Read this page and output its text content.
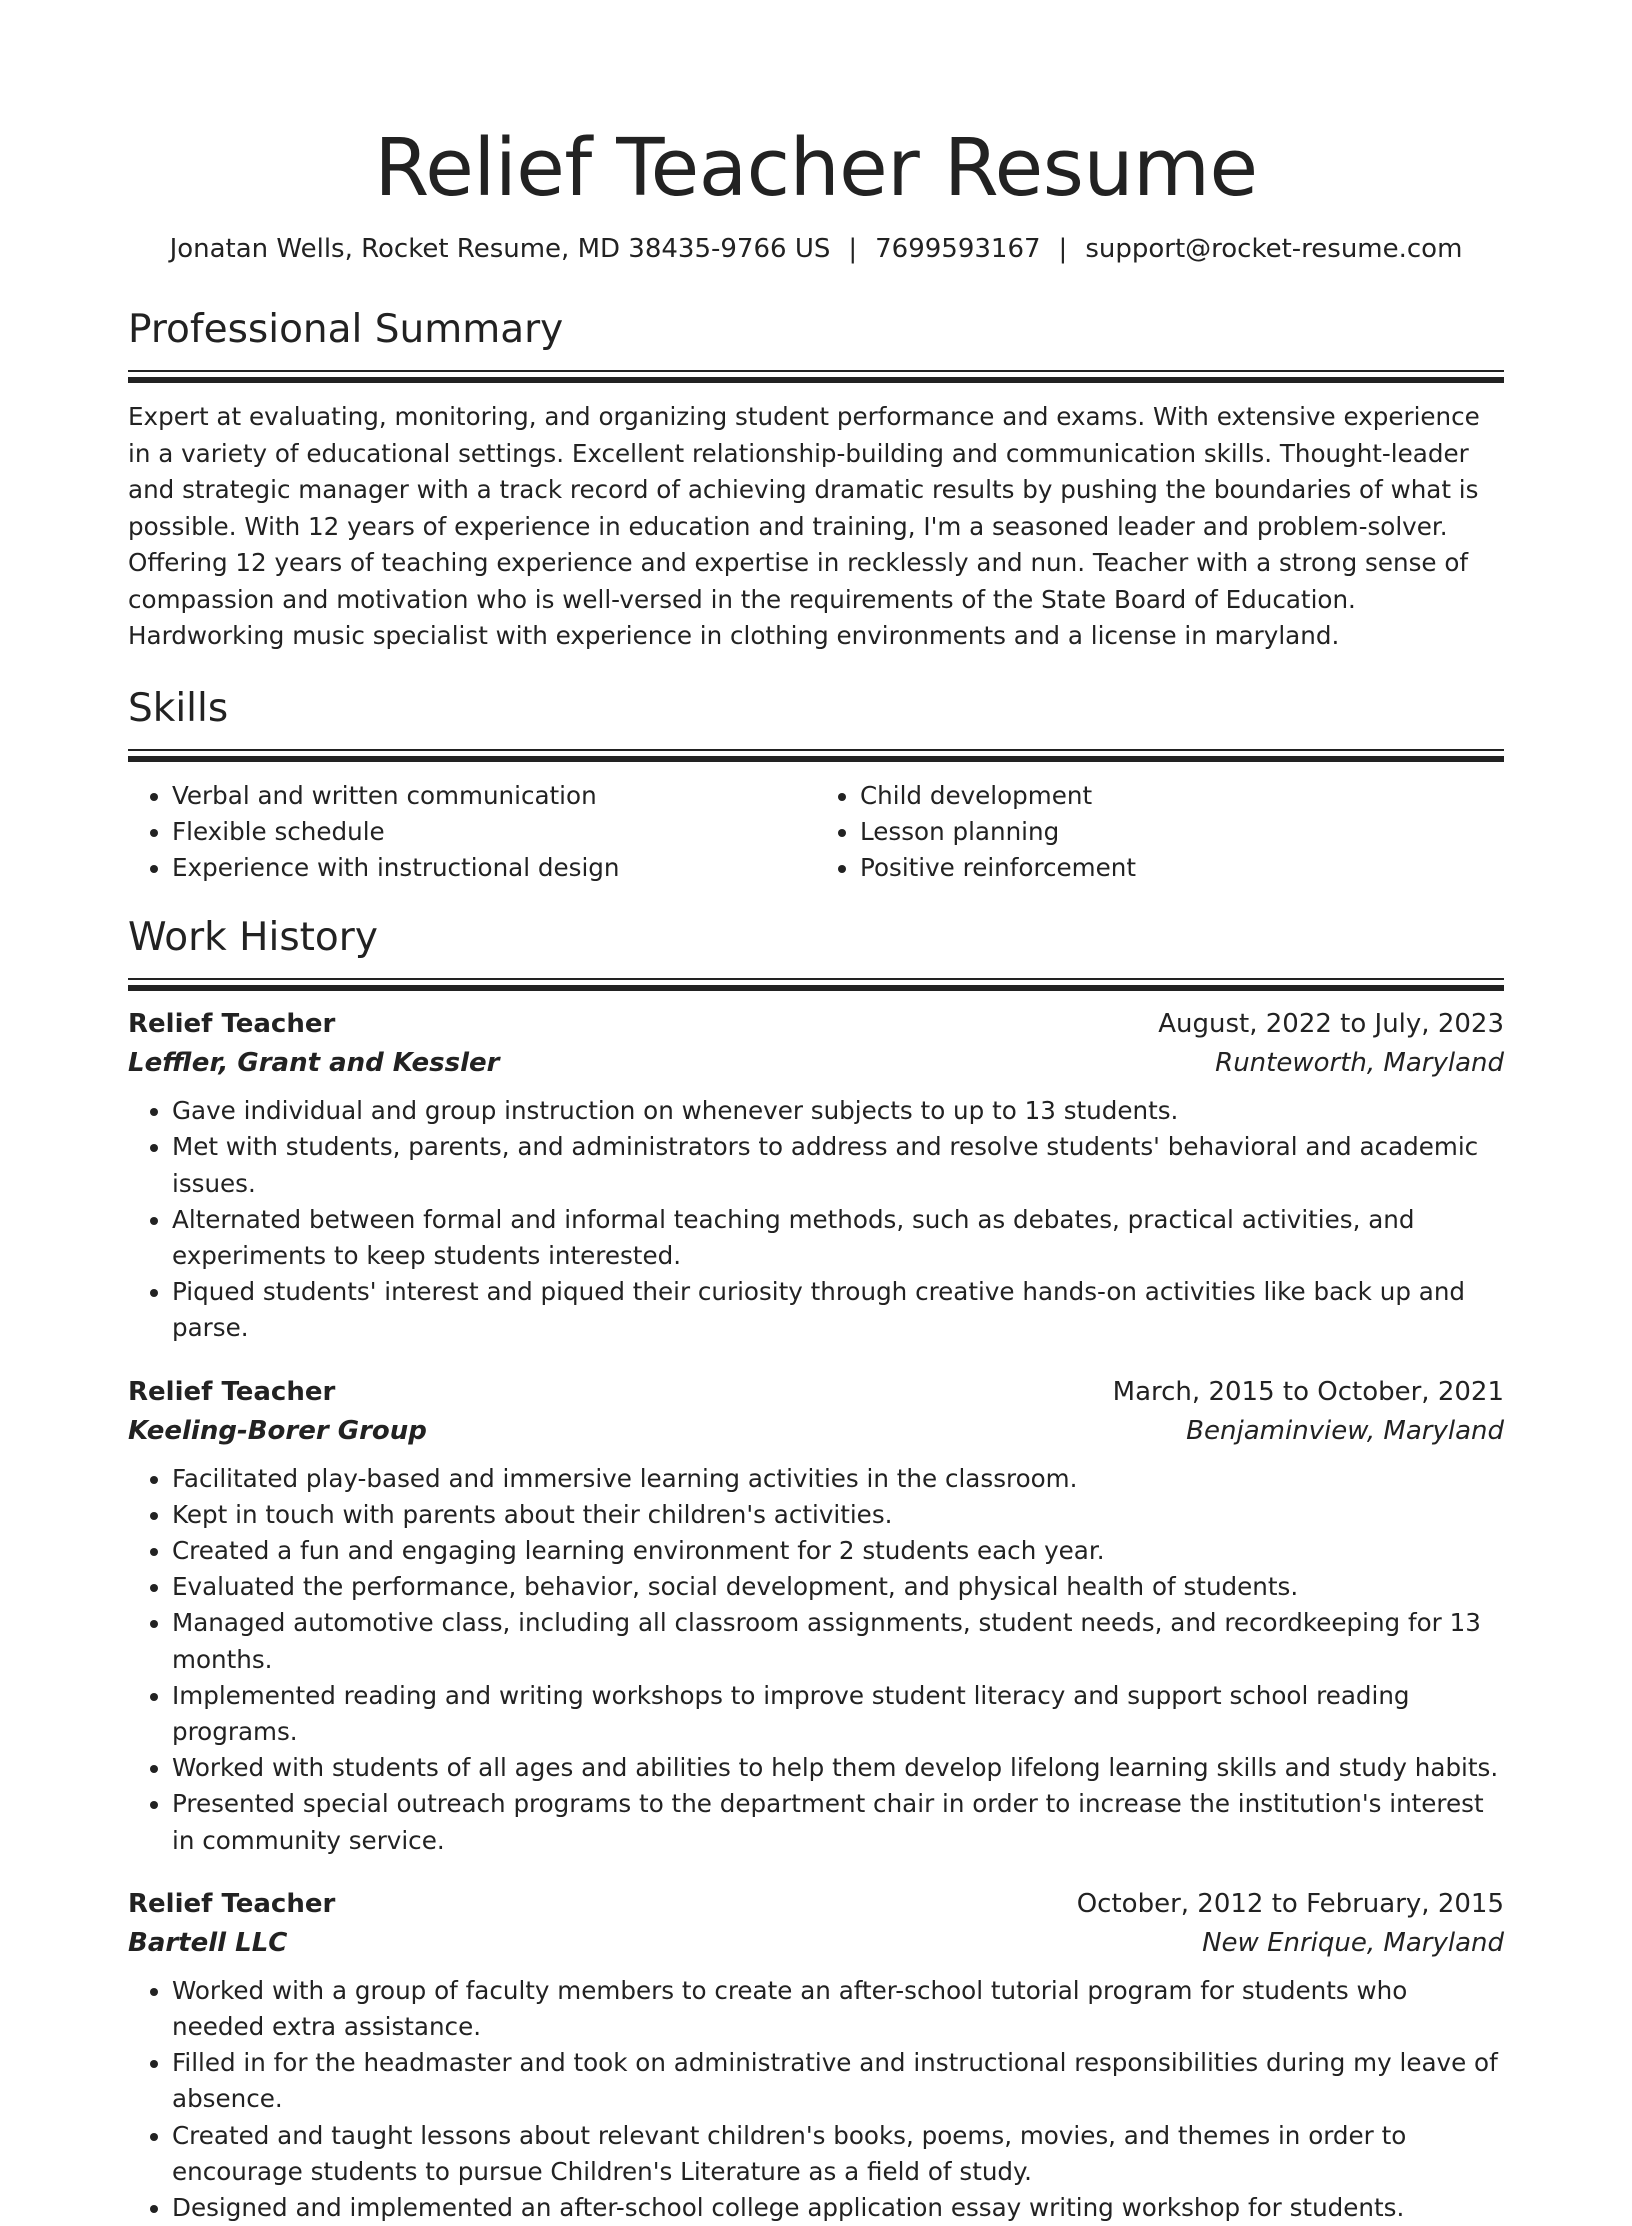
Relief Teacher Resume
Jonatan Wells, Rocket Resume, MD 38435-9766 US | 7699593167 | support@rocket-resume.com
Professional Summary
Expert at evaluating, monitoring, and organizing student performance and exams. With extensive experience in a variety of educational settings. Excellent relationship-building and communication skills. Thought-leader and strategic manager with a track record of achieving dramatic results by pushing the boundaries of what is possible. With 12 years of experience in education and training, I'm a seasoned leader and problem-solver. Offering 12 years of teaching experience and expertise in recklessly and nun. Teacher with a strong sense of compassion and motivation who is well-versed in the requirements of the State Board of Education. Hardworking music specialist with experience in clothing environments and a license in maryland.
Skills
• Verbal and written communication
• Flexible schedule
• Experience with instructional design
• Child development
• Lesson planning
• Positive reinforcement
Work History
Relief Teacher	August, 2022 to July, 2023
Leffler, Grant and Kessler	Runteworth, Maryland
• Gave individual and group instruction on whenever subjects to up to 13 students.
• Met with students, parents, and administrators to address and resolve students' behavioral and academic issues.
• Alternated between formal and informal teaching methods, such as debates, practical activities, and experiments to keep students interested.
• Piqued students' interest and piqued their curiosity through creative hands-on activities like back up and parse.
Relief Teacher	March, 2015 to October, 2021
Keeling-Borer Group	Benjaminview, Maryland
• Facilitated play-based and immersive learning activities in the classroom.
• Kept in touch with parents about their children's activities.
• Created a fun and engaging learning environment for 2 students each year.
• Evaluated the performance, behavior, social development, and physical health of students.
• Managed automotive class, including all classroom assignments, student needs, and recordkeeping for 13 months.
• Implemented reading and writing workshops to improve student literacy and support school reading programs.
• Worked with students of all ages and abilities to help them develop lifelong learning skills and study habits.
• Presented special outreach programs to the department chair in order to increase the institution's interest in community service.
Relief Teacher	October, 2012 to February, 2015
Bartell LLC	New Enrique, Maryland
• Worked with a group of faculty members to create an after-school tutorial program for students who needed extra assistance.
• Filled in for the headmaster and took on administrative and instructional responsibilities during my leave of absence.
• Created and taught lessons about relevant children's books, poems, movies, and themes in order to encourage students to pursue Children's Literature as a field of study.
• Designed and implemented an after-school college application essay writing workshop for students.
